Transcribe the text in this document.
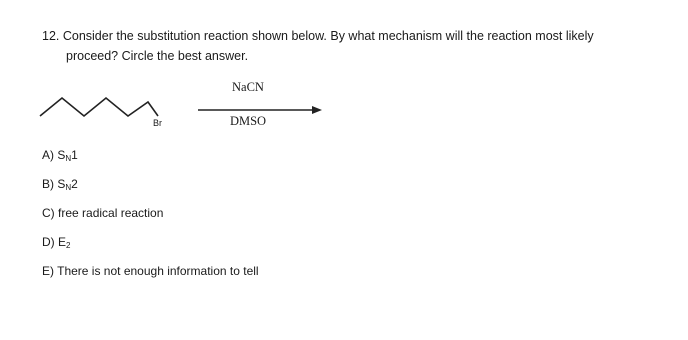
12. Consider the substitution reaction shown below. By what mechanism will the reaction most likely
proceed? Circle the best answer.
Br
NaCN
DMSO
A) $S_N1$
B) $S_N2$
C) free radical reaction
D) $E_2$
E) There is not enough information to tell
